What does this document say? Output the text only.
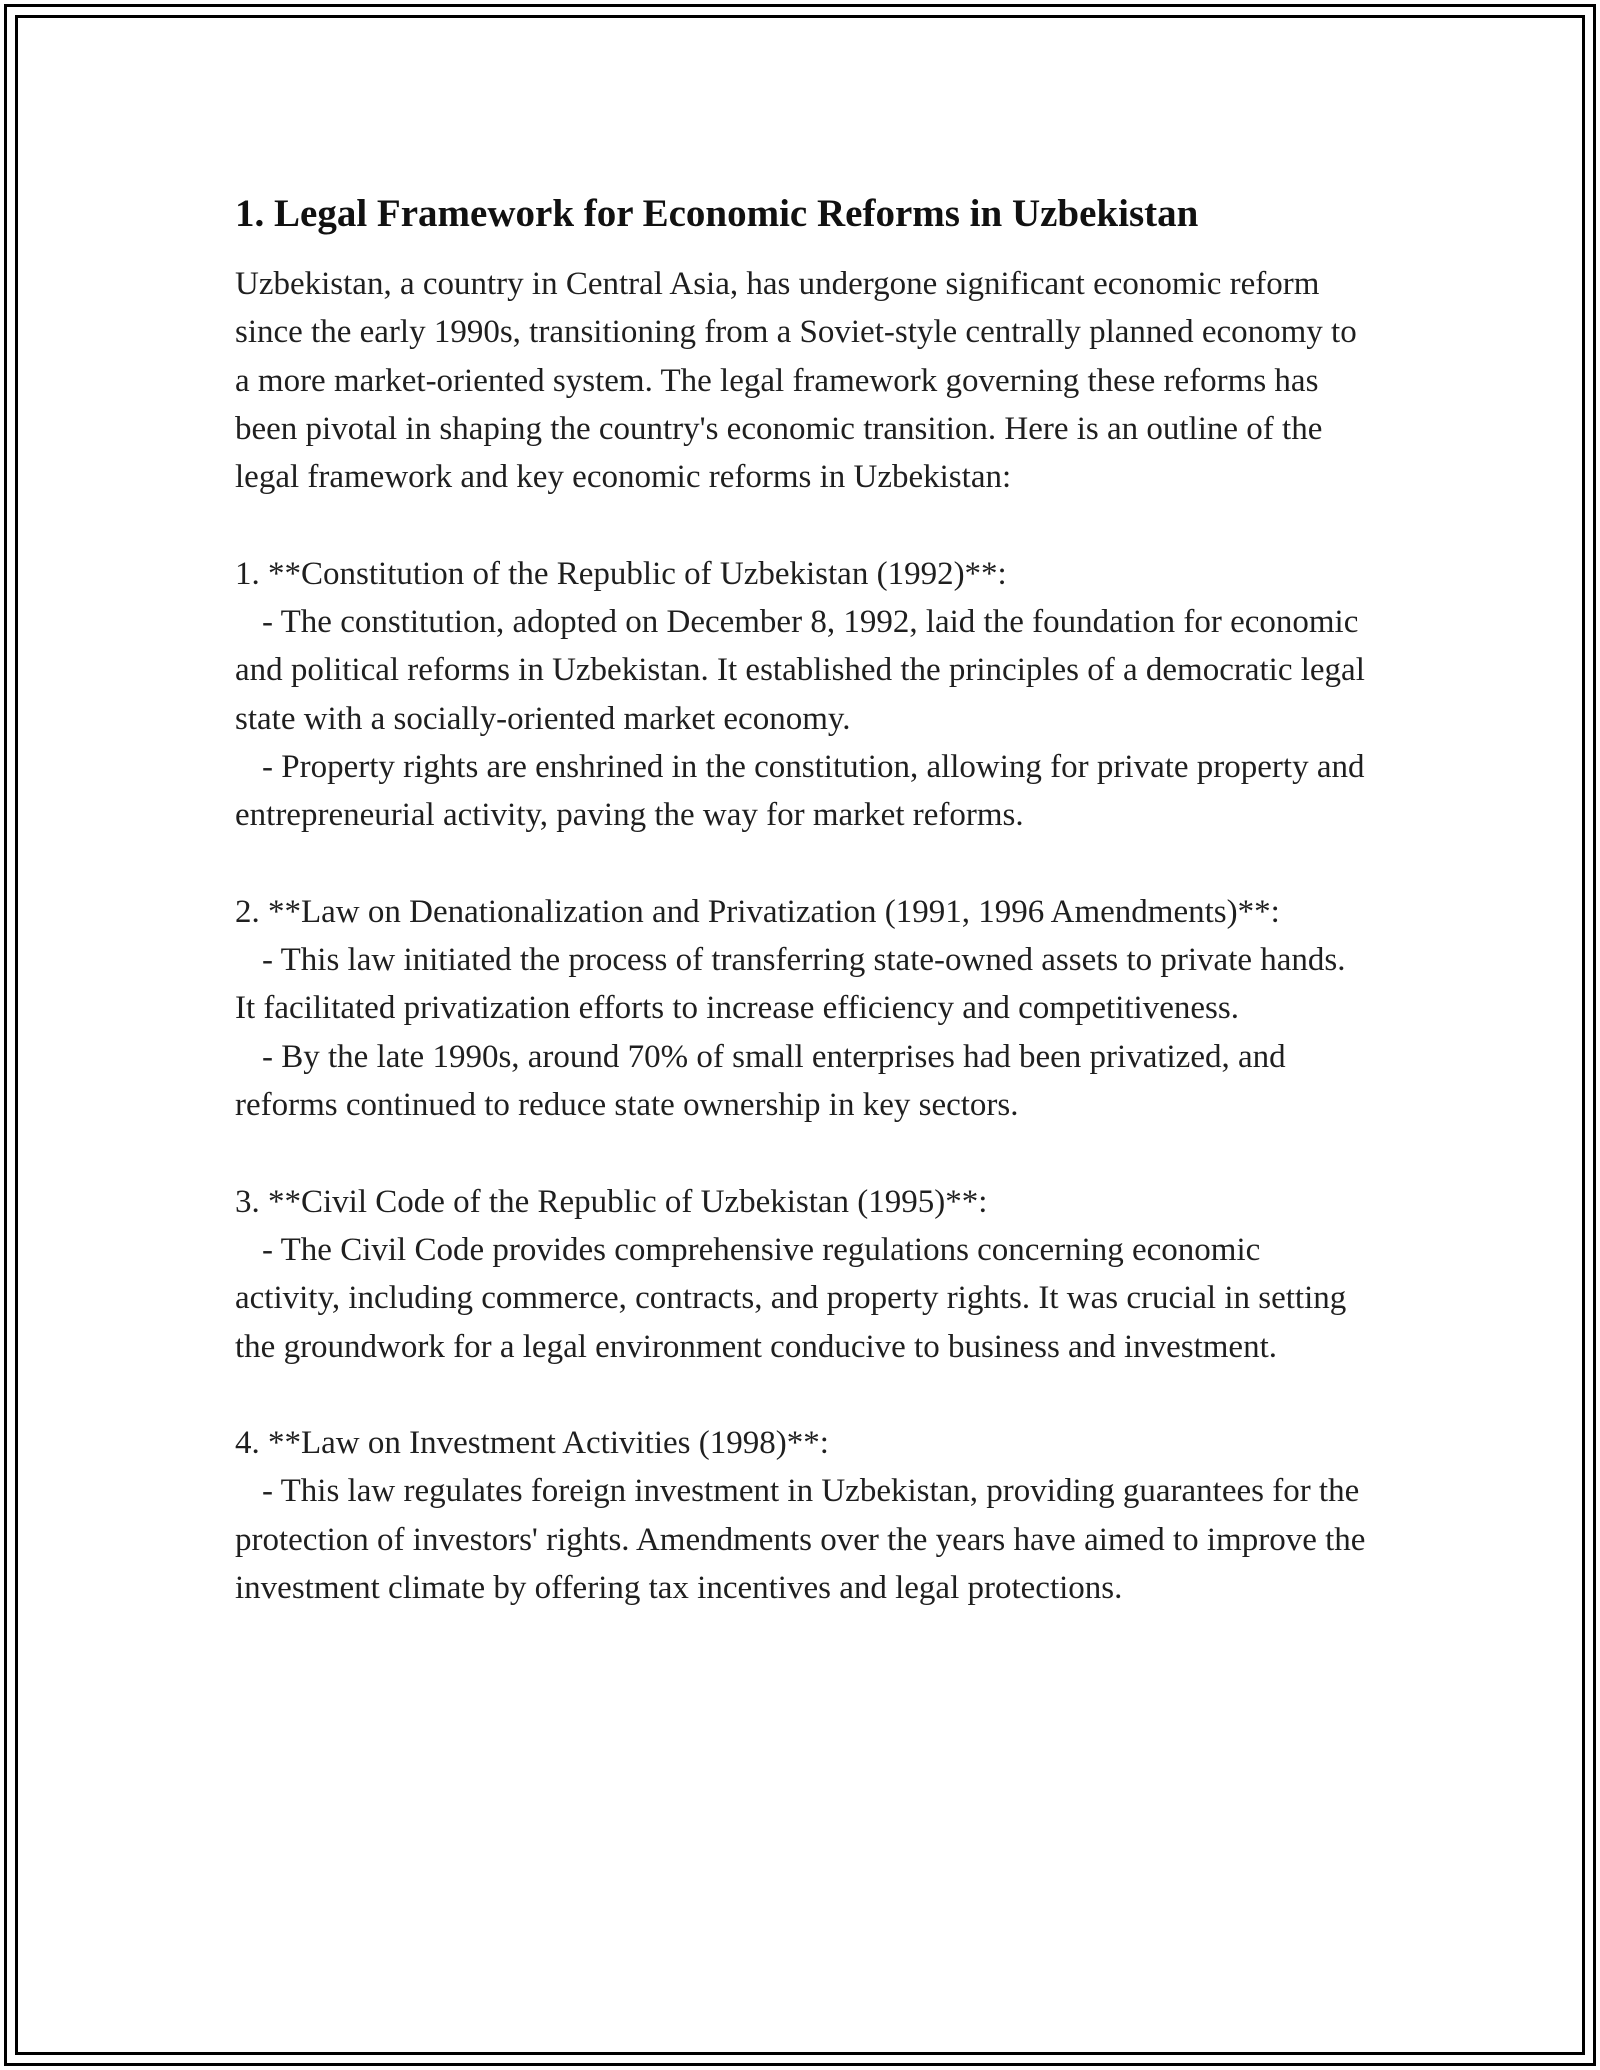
1. Legal Framework for Economic Reforms in Uzbekistan

Uzbekistan, a country in Central Asia, has undergone significant economic reform since the early 1990s, transitioning from a Soviet-style centrally planned economy to a more market-oriented system. The legal framework governing these reforms has been pivotal in shaping the country's economic transition. Here is an outline of the legal framework and key economic reforms in Uzbekistan:

1. **Constitution of the Republic of Uzbekistan (1992)**:
- The constitution, adopted on December 8, 1992, laid the foundation for economic and political reforms in Uzbekistan. It established the principles of a democratic legal state with a socially-oriented market economy.
- Property rights are enshrined in the constitution, allowing for private property and entrepreneurial activity, paving the way for market reforms.
2. **Law on Denationalization and Privatization (1991, 1996 Amendments)**:
- This law initiated the process of transferring state-owned assets to private hands. It facilitated privatization efforts to increase efficiency and competitiveness.
- By the late 1990s, around 70% of small enterprises had been privatized, and reforms continued to reduce state ownership in key sectors.
3. **Civil Code of the Republic of Uzbekistan (1995)**:
- The Civil Code provides comprehensive regulations concerning economic activity, including commerce, contracts, and property rights. It was crucial in setting the groundwork for a legal environment conducive to business and investment.
4. **Law on Investment Activities (1998)**:
- This law regulates foreign investment in Uzbekistan, providing guarantees for the protection of investors' rights. Amendments over the years have aimed to improve the investment climate by offering tax incentives and legal protections.
